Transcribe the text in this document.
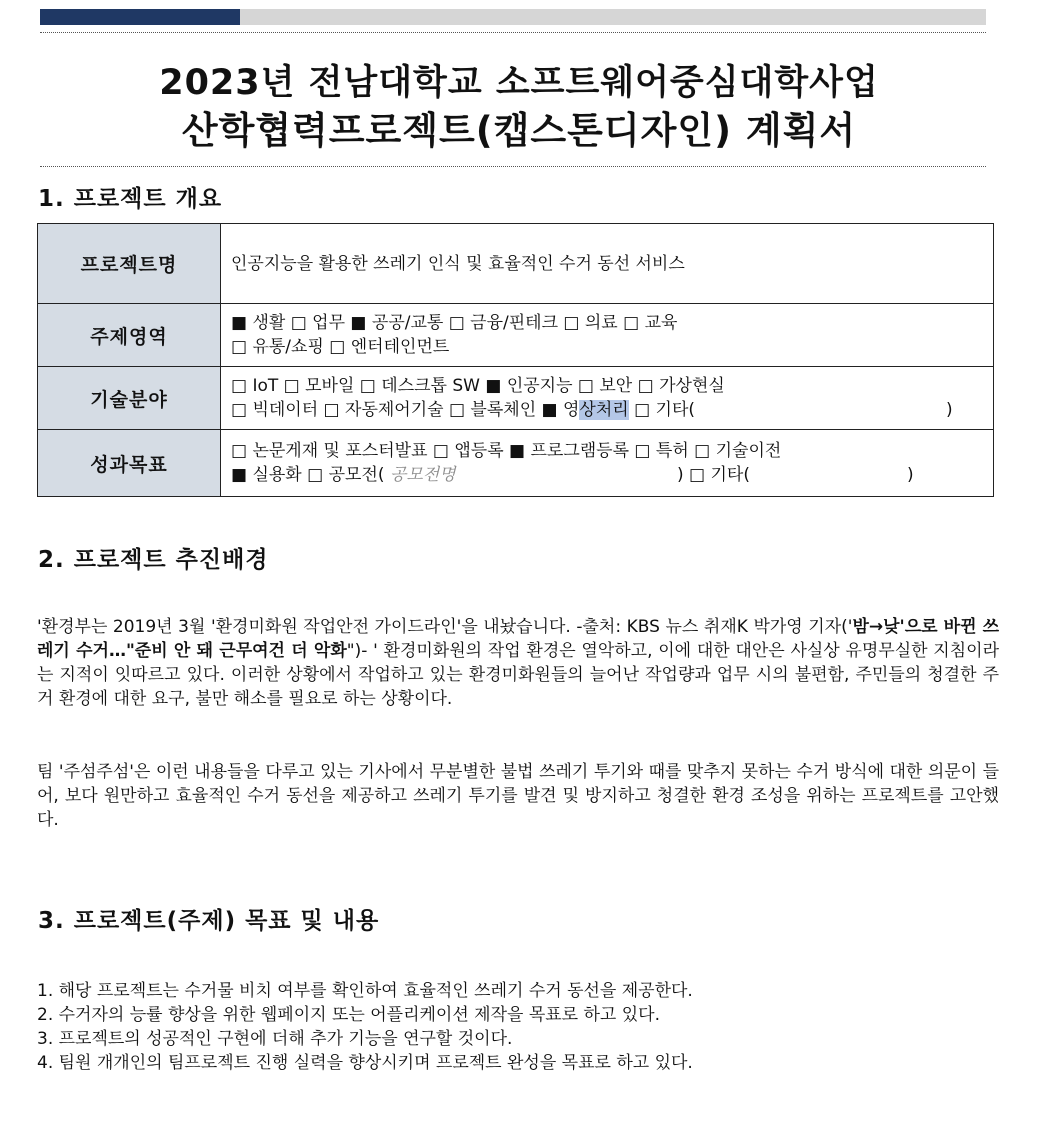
2023년 전남대학교 소프트웨어중심대학사업
산학협력프로젝트(캡스톤디자인) 계획서
1. 프로젝트 개요
프로젝트명	인공지능을 활용한 쓰레기 인식 및 효율적인 수거 동선 서비스
주제영역	■ 생활 □ 업무 ■ 공공/교통 □ 금융/핀테크 □ 의료 □ 교육
□ 유통/쇼핑 □ 엔터테인먼트

기술분야	□ IoT □ 모바일 □ 데스크톱 SW ■ 인공지능 □ 보안 □ 가상현실
□ 빅데이터 □ 자동제어기술 □ 블록체인 ■ 영상처리 □ 기타( )

성과목표	□ 논문게재 및 포스터발표 □ 앱등록 ■ 프로그램등록 □ 특허 □ 기술이전
■ 실용화 □ 공모전( 공모전명 ) □ 기타( )
2. 프로젝트 추진배경
'환경부는 2019년 3월 '환경미화원 작업안전 가이드라인'을 내놨습니다. -출처: KBS 뉴스 취재K 박가영 기자('밤→낮'으로 바뀐 쓰레기 수거…"준비 안 돼 근무여건 더 악화")- ' 환경미화원의 작업 환경은 열악하고, 이에 대한 대안은 사실상 유명무실한 지침이라는 지적이 잇따르고 있다. 이러한 상황에서 작업하고 있는 환경미화원들의 늘어난 작업량과 업무 시의 불편함, 주민들의 청결한 주거 환경에 대한 요구, 불만 해소를 필요로 하는 상황이다.
팀 '주섬주섬'은 이런 내용들을 다루고 있는 기사에서 무분별한 불법 쓰레기 투기와 때를 맞추지 못하는 수거 방식에 대한 의문이 들어, 보다 원만하고 효율적인 수거 동선을 제공하고 쓰레기 투기를 발견 및 방지하고 청결한 환경 조성을 위하는 프로젝트를 고안했다.
3. 프로젝트(주제) 목표 및 내용
1. 해당 프로젝트는 수거물 비치 여부를 확인하여 효율적인 쓰레기 수거 동선을 제공한다.
2. 수거자의 능률 향상을 위한 웹페이지 또는 어플리케이션 제작을 목표로 하고 있다.
3. 프로젝트의 성공적인 구현에 더해 추가 기능을 연구할 것이다.
4. 팀원 개개인의 팀프로젝트 진행 실력을 향상시키며 프로젝트 완성을 목표로 하고 있다.
